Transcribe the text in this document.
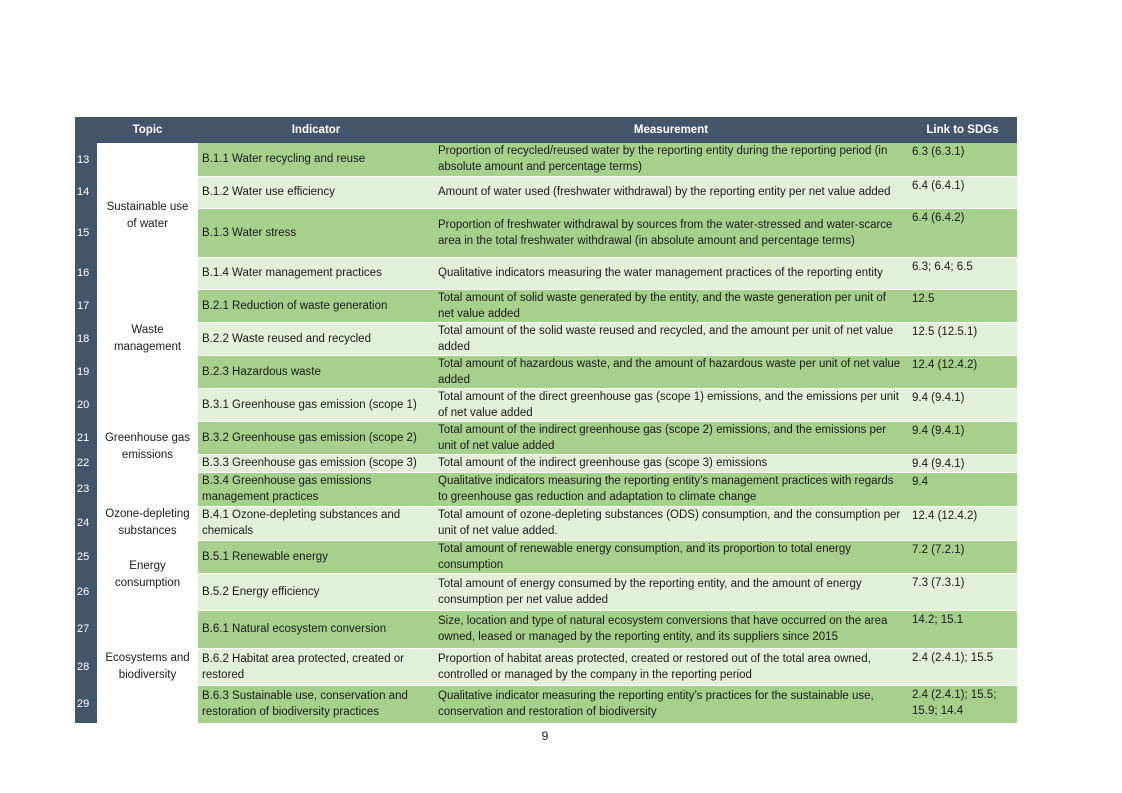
	Topic	Indicator	Measurement	Link to SDGs
13	Sustainable use of water	B.1.1 Water recycling and reuse	Proportion of recycled/reused water by the reporting entity during the reporting period (in absolute amount and percentage terms)	6.3 (6.3.1)
14		B.1.2 Water use efficiency	Amount of water used (freshwater withdrawal) by the reporting entity per net value added	6.4 (6.4.1)
15		B.1.3 Water stress	Proportion of freshwater withdrawal by sources from the water-stressed and water-scarce area in the total freshwater withdrawal (in absolute amount and percentage terms)	6.4 (6.4.2)
16		B.1.4 Water management practices	Qualitative indicators measuring the water management practices of the reporting entity	6.3; 6.4; 6.5
17	Waste management	B.2.1 Reduction of waste generation	Total amount of solid waste generated by the entity, and the waste generation per unit of net value added	12.5
18		B.2.2 Waste reused and recycled	Total amount of the solid waste reused and recycled, and the amount per unit of net value added	12.5 (12.5.1)
19		B.2.3 Hazardous waste	Total amount of hazardous waste, and the amount of hazardous waste per unit of net value added	12.4 (12.4.2)
20	Greenhouse gas emissions	B.3.1 Greenhouse gas emission (scope 1)	Total amount of the direct greenhouse gas (scope 1) emissions, and the emissions per unit of net value added	9.4 (9.4.1)
21		B.3.2 Greenhouse gas emission (scope 2)	Total amount of the indirect greenhouse gas (scope 2) emissions, and the emissions per unit of net value added	9.4 (9.4.1)
22		B.3.3 Greenhouse gas emission (scope 3)	Total amount of the indirect greenhouse gas (scope 3) emissions	9.4 (9.4.1)
23		B.3.4 Greenhouse gas emissions management practices	Qualitative indicators measuring the reporting entity’s management practices with regards to greenhouse gas reduction and adaptation to climate change	9.4
24	Ozone-depleting substances	B.4.1 Ozone-depleting substances and chemicals	Total amount of ozone-depleting substances (ODS) consumption, and the consumption per unit of net value added.	12.4 (12.4.2)
25	Energy consumption	B.5.1 Renewable energy	Total amount of renewable energy consumption, and its proportion to total energy consumption	7.2 (7.2.1)
26		B.5.2 Energy efficiency	Total amount of energy consumed by the reporting entity, and the amount of energy consumption per net value added	7.3 (7.3.1)
27	Ecosystems and biodiversity	B.6.1 Natural ecosystem conversion	Size, location and type of natural ecosystem conversions that have occurred on the area owned, leased or managed by the reporting entity, and its suppliers since 2015	14.2; 15.1
28		B.6.2 Habitat area protected, created or restored	Proportion of habitat areas protected, created or restored out of the total area owned, controlled or managed by the company in the reporting period	2.4 (2.4.1); 15.5
29		B.6.3 Sustainable use, conservation and restoration of biodiversity practices	Qualitative indicator measuring the reporting entity’s practices for the sustainable use, conservation and restoration of biodiversity	2.4 (2.4.1); 15.5; 15.9; 14.4
9
